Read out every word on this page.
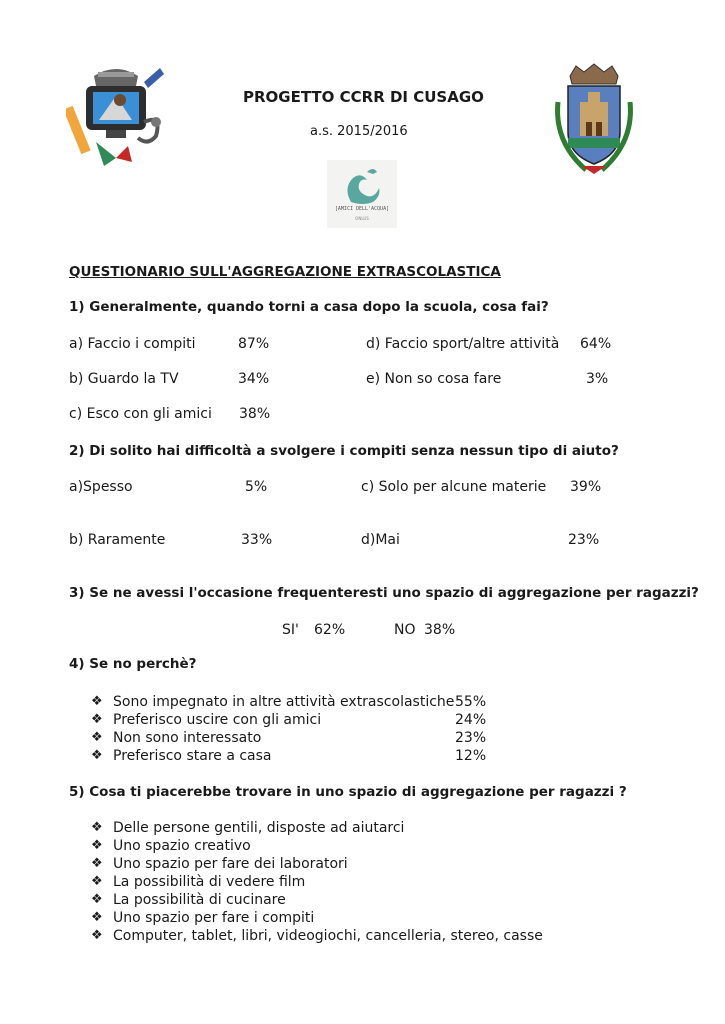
PROGETTO CCRR DI CUSAGO
a.s. 2015/2016
[AMICI DELL'ACQUA]
ONLUS
QUESTIONARIO SULL'AGGREGAZIONE EXTRASCOLASTICA
1) Generalmente, quando torni a casa dopo la scuola, cosa fai?
a) Faccio i compiti	87%	d) Faccio sport/altre attività 64%
b) Guardo la TV	34%	e) Non so cosa fare	3%
c) Esco con gli amici 38%
2) Di solito hai difficoltà a svolgere i compiti senza nessun tipo di aiuto?
a)Spesso	5%	c) Solo per alcune materie 39%
b) Raramente	33%	d)Mai	23%
3) Se ne avessi l'occasione frequenteresti uno spazio di aggregazione per ragazzi?
SI' 62%	NO 38%
4) Se no perchè?
❖ Sono impegnato in altre attività extrascolastiche 55%
❖ Preferisco uscire con gli amici	24%
❖ Non sono interessato	23%
❖ Preferisco stare a casa	12%
5) Cosa ti piacerebbe trovare in uno spazio di aggregazione per ragazzi ?
❖ Delle persone gentili, disposte ad aiutarci
❖ Uno spazio creativo
❖ Uno spazio per fare dei laboratori
❖ La possibilità di vedere film
❖ La possibilità di cucinare
❖ Uno spazio per fare i compiti
❖ Computer, tablet, libri, videogiochi, cancelleria, stereo, casse
